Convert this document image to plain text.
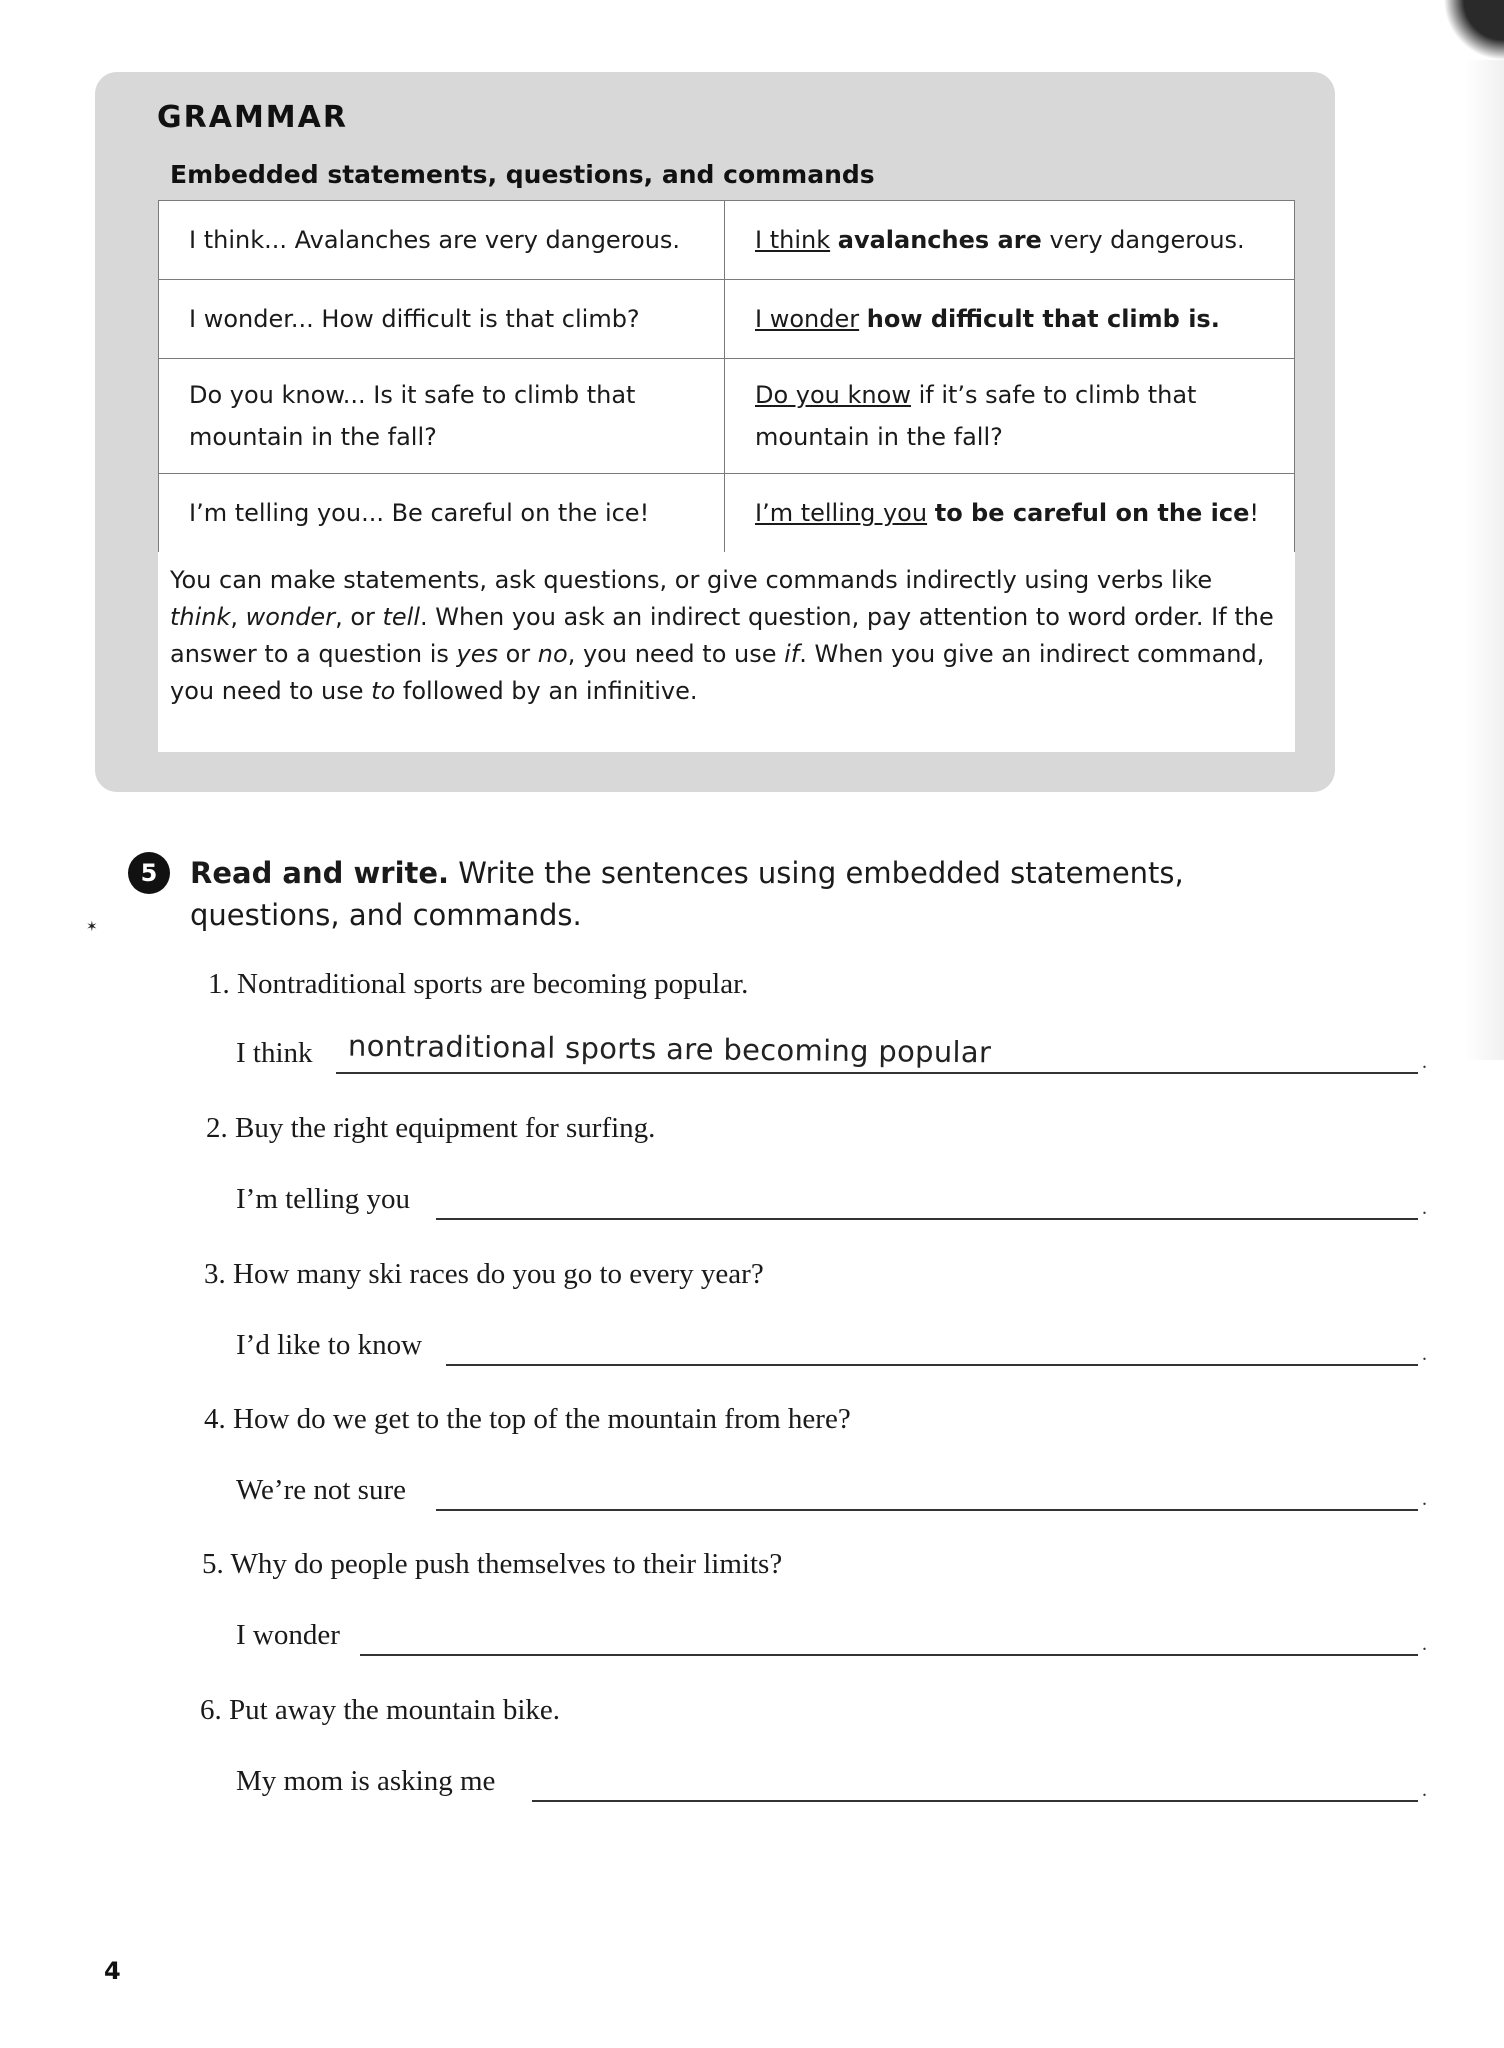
GRAMMAR
Embedded statements, questions, and commands
I think... Avalanches are very dangerous.	I think avalanches are very dangerous.
I wonder... How difficult is that climb?	I wonder how difficult that climb is.
Do you know... Is it safe to climb that mountain in the fall?	Do you know if it’s safe to climb that mountain in the fall?
I’m telling you... Be careful on the ice!	I’m telling you to be careful on the ice!
You can make statements, ask questions, or give commands indirectly using verbs like think, wonder, or tell. When you ask an indirect question, pay attention to word order. If the answer to a question is yes or no, you need to use if. When you give an indirect command, you need to use to followed by an infinitive.
5	Read and write. Write the sentences using embedded statements, questions, and commands.
✶
1. Nontraditional sports are becoming popular.
I think nontraditional sports are becoming popular	.
2. Buy the right equipment for surfing.
I’m telling you	.
3. How many ski races do you go to every year?
I’d like to know	.
4. How do we get to the top of the mountain from here?
We’re not sure	.
5. Why do people push themselves to their limits?
I wonder	.
6. Put away the mountain bike.
My mom is asking me	.
4
